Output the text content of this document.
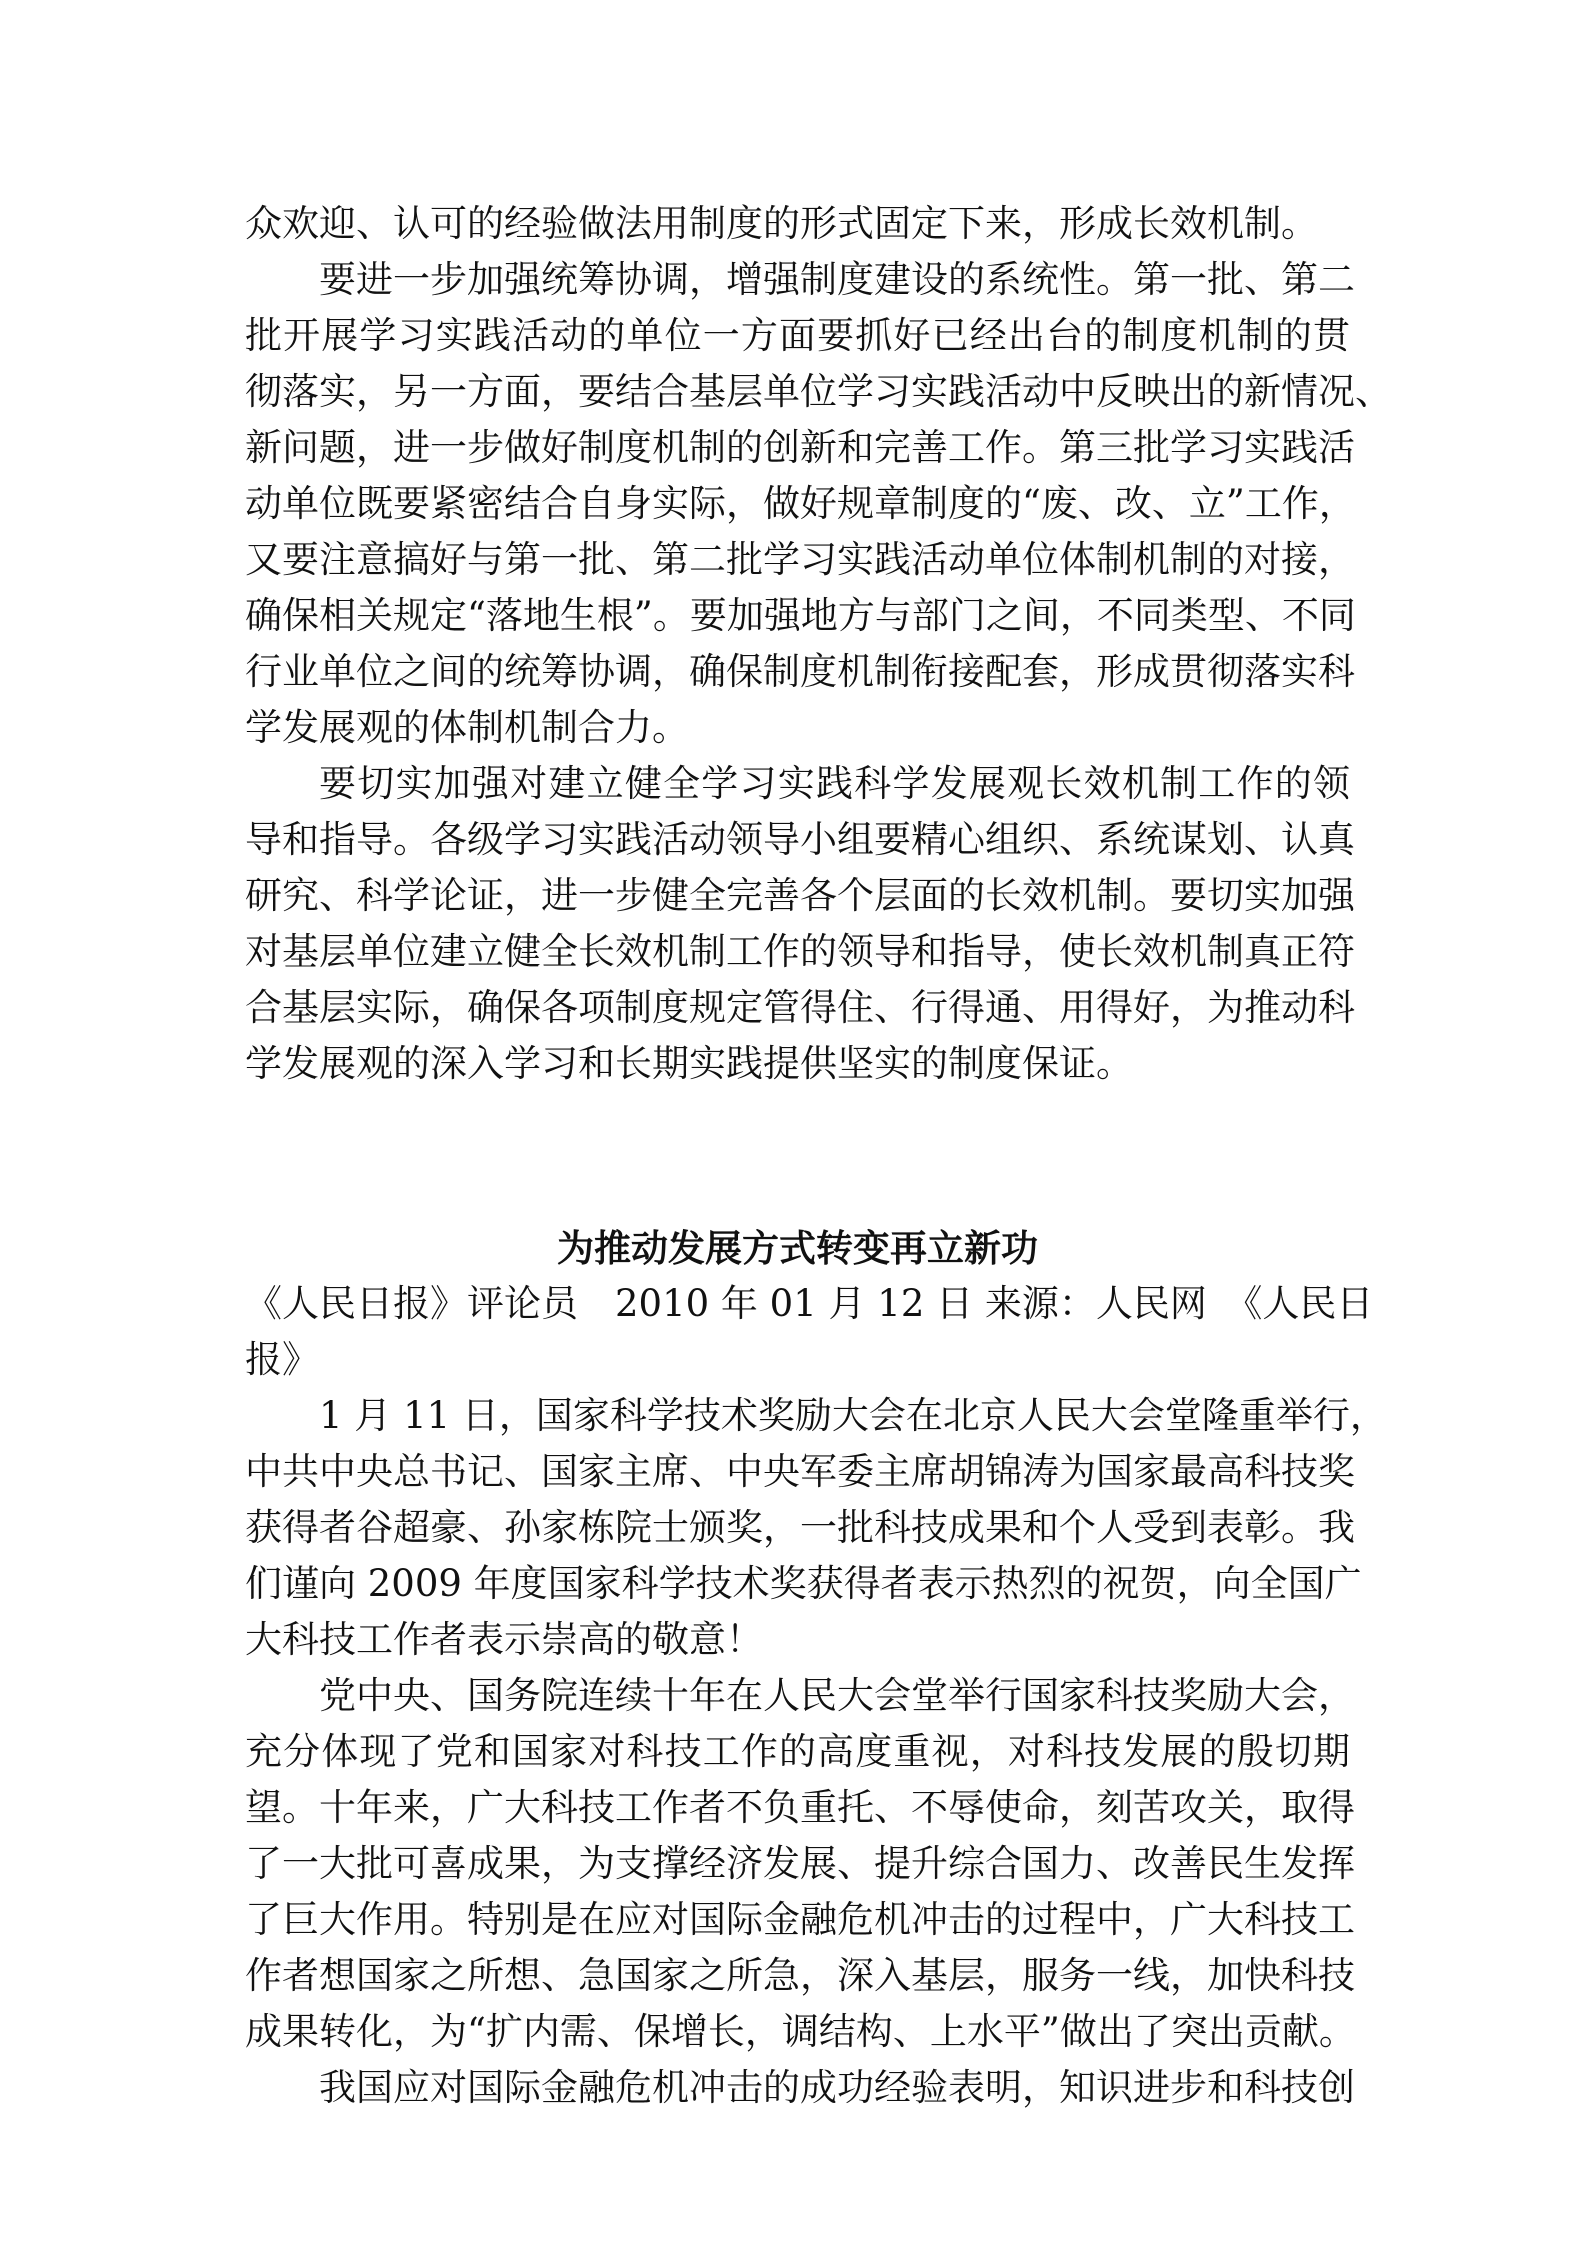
众欢迎、认可的经验做法用制度的形式固定下来，形成长效机制。
要进一步加强统筹协调，增强制度建设的系统性。第一批、第二
批开展学习实践活动的单位一方面要抓好已经出台的制度机制的贯
彻落实，另一方面，要结合基层单位学习实践活动中反映出的新情况、
新问题，进一步做好制度机制的创新和完善工作。第三批学习实践活
动单位既要紧密结合自身实际，做好规章制度的“废、改、立”工作，
又要注意搞好与第一批、第二批学习实践活动单位体制机制的对接，
确保相关规定“落地生根”。要加强地方与部门之间，不同类型、不同
行业单位之间的统筹协调，确保制度机制衔接配套，形成贯彻落实科
学发展观的体制机制合力。
要切实加强对建立健全学习实践科学发展观长效机制工作的领
导和指导。各级学习实践活动领导小组要精心组织、系统谋划、认真
研究、科学论证，进一步健全完善各个层面的长效机制。要切实加强
对基层单位建立健全长效机制工作的领导和指导，使长效机制真正符
合基层实际，确保各项制度规定管得住、行得通、用得好，为推动科
学发展观的深入学习和长期实践提供坚实的制度保证。
为推动发展方式转变再立新功
《人民日报》评论员　2010 年 01 月 12 日 来源：人民网　《人民日
报》
1 月 11 日，国家科学技术奖励大会在北京人民大会堂隆重举行，
中共中央总书记、国家主席、中央军委主席胡锦涛为国家最高科技奖
获得者谷超豪、孙家栋院士颁奖，一批科技成果和个人受到表彰。我
们谨向 2009 年度国家科学技术奖获得者表示热烈的祝贺，向全国广
大科技工作者表示崇高的敬意！
党中央、国务院连续十年在人民大会堂举行国家科技奖励大会，
充分体现了党和国家对科技工作的高度重视，对科技发展的殷切期
望。十年来，广大科技工作者不负重托、不辱使命，刻苦攻关，取得
了一大批可喜成果，为支撑经济发展、提升综合国力、改善民生发挥
了巨大作用。特别是在应对国际金融危机冲击的过程中，广大科技工
作者想国家之所想、急国家之所急，深入基层，服务一线，加快科技
成果转化，为“扩内需、保增长，调结构、上水平”做出了突出贡献。
我国应对国际金融危机冲击的成功经验表明，知识进步和科技创
